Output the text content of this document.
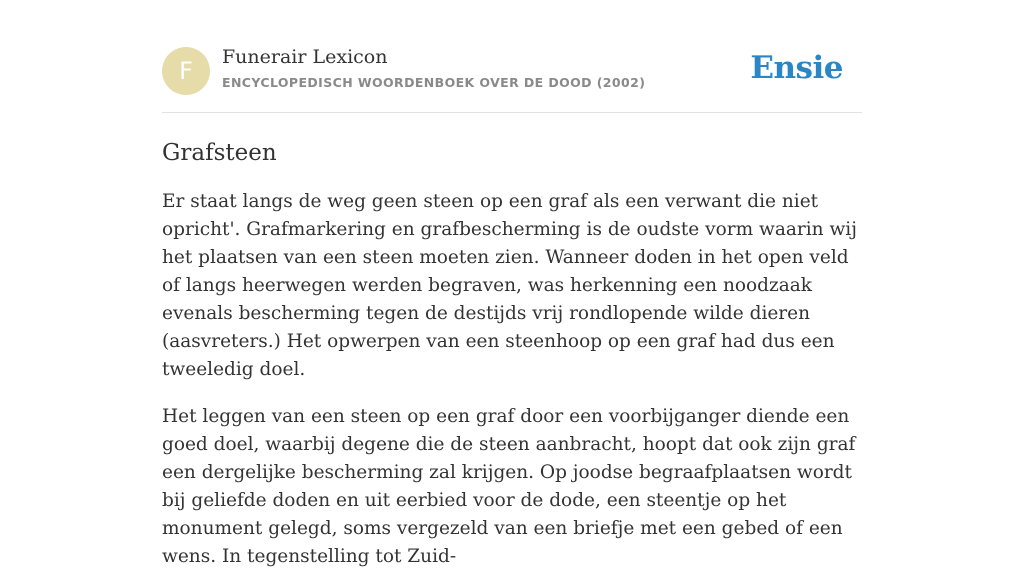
F	Funerair Lexicon
ENCYCLOPEDISCH WOORDENBOEK OVER DE DOOD (2002)	Ensie
Grafsteen

Er staat langs de weg geen steen op een graf als een verwant die niet opricht'. Grafmarkering en grafbescherming is de oudste vorm waarin wij het plaatsen van een steen moeten zien. Wanneer doden in het open veld of langs heerwegen werden begraven, was herkenning een noodzaak evenals bescherming tegen de destijds vrij rondlopende wilde dieren (aasvreters.) Het opwerpen van een steenhoop op een graf had dus een tweeledig doel.

Het leggen van een steen op een graf door een voorbijganger diende een goed doel, waarbij degene die de steen aanbracht, hoopt dat ook zijn graf een dergelijke bescherming zal krijgen. Op joodse begraafplaatsen wordt bij geliefde doden en uit eerbied voor de dode, een steentje op het monument gelegd, soms vergezeld van een briefje met een gebed of een wens. In tegenstelling tot Zuid-
